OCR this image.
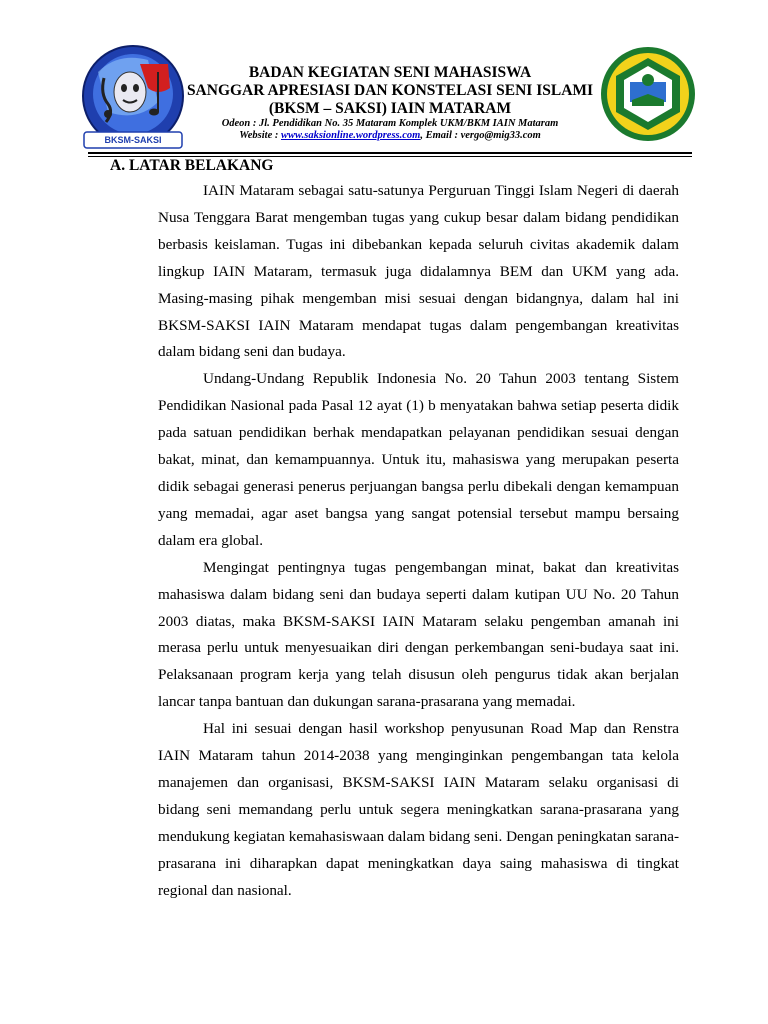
BKSM-SAKSI
BADAN KEGIATAN SENI MAHASISWA
SANGGAR APRESIASI DAN KONSTELASI SENI ISLAMI
(BKSM – SAKSI) IAIN MATARAM
Odeon : Jl. Pendidikan No. 35 Mataram Komplek UKM/BKM IAIN Mataram
Website : www.saksionline.wordpress.com, Email : vergo@mig33.com
A. LATAR BELAKANG

IAIN Mataram sebagai satu-satunya Perguruan Tinggi Islam Negeri di daerah Nusa Tenggara Barat mengemban tugas yang cukup besar dalam bidang pendidikan berbasis keislaman. Tugas ini dibebankan kepada seluruh civitas akademik dalam lingkup IAIN Mataram, termasuk juga didalamnya BEM dan UKM yang ada. Masing-masing pihak mengemban misi sesuai dengan bidangnya, dalam hal ini BKSM-SAKSI IAIN Mataram mendapat tugas dalam pengembangan kreativitas dalam bidang seni dan budaya.

Undang-Undang Republik Indonesia No. 20 Tahun 2003 tentang Sistem Pendidikan Nasional pada Pasal 12 ayat (1) b menyatakan bahwa setiap peserta didik pada satuan pendidikan berhak mendapatkan pelayanan pendidikan sesuai dengan bakat, minat, dan kemampuannya. Untuk itu, mahasiswa yang merupakan peserta didik sebagai generasi penerus perjuangan bangsa perlu dibekali dengan kemampuan yang memadai, agar aset bangsa yang sangat potensial tersebut mampu bersaing dalam era global.

Mengingat pentingnya tugas pengembangan minat, bakat dan kreativitas mahasiswa dalam bidang seni dan budaya seperti dalam kutipan UU No. 20 Tahun 2003 diatas, maka BKSM-SAKSI IAIN Mataram selaku pengemban amanah ini merasa perlu untuk menyesuaikan diri dengan perkembangan seni-budaya saat ini. Pelaksanaan program kerja yang telah disusun oleh pengurus tidak akan berjalan lancar tanpa bantuan dan dukungan sarana-prasarana yang memadai.

Hal ini sesuai dengan hasil workshop penyusunan Road Map dan Renstra IAIN Mataram tahun 2014-2038 yang menginginkan pengembangan tata kelola manajemen dan organisasi, BKSM-SAKSI IAIN Mataram selaku organisasi di bidang seni memandang perlu untuk segera meningkatkan sarana-prasarana yang mendukung kegiatan kemahasiswaan dalam bidang seni. Dengan peningkatan sarana-prasarana ini diharapkan dapat meningkatkan daya saing mahasiswa di tingkat regional dan nasional.
